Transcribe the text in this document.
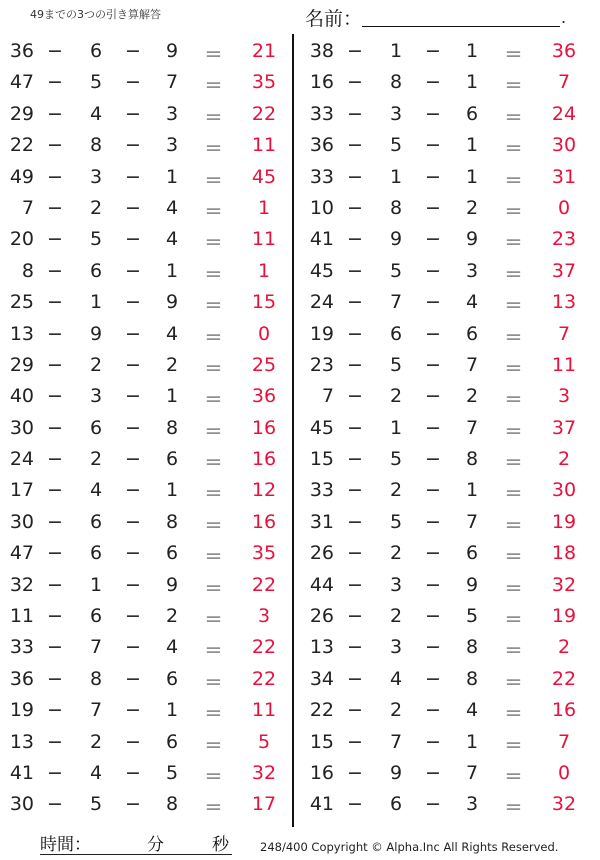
49までの3つの引き算解答	名前：	.
36 − 6 − 9 ＝	21
47 − 5 − 7 ＝	35
29 − 4 − 3 ＝	22
22 − 8 − 3 ＝	11
49 − 3 − 1 ＝	45
7 − 2 − 4 ＝	1
20 − 5 − 4 ＝	11
8 − 6 − 1 ＝	1
25 − 1 − 9 ＝	15
13 − 9 − 4 ＝	0
29 − 2 − 2 ＝	25
40 − 3 − 1 ＝	36
30 − 6 − 8 ＝	16
24 − 2 − 6 ＝	16
17 − 4 − 1 ＝	12
30 − 6 − 8 ＝	16
47 − 6 − 6 ＝	35
32 − 1 − 9 ＝	22
11 − 6 − 2 ＝	3
33 − 7 − 4 ＝	22
36 − 8 − 6 ＝	22
19 − 7 − 1 ＝	11
13 − 2 − 6 ＝	5
41 − 4 − 5 ＝	32
30 − 5 − 8 ＝	17
38 − 1 − 1 ＝	36
16 − 8 − 1 ＝	7
33 − 3 − 6 ＝	24
36 − 5 − 1 ＝	30
33 − 1 − 1 ＝	31
10 − 8 − 2 ＝	0
41 − 9 − 9 ＝	23
45 − 5 − 3 ＝	37
24 − 7 − 4 ＝	13
19 − 6 − 6 ＝	7
23 − 5 − 7 ＝	11
7 − 2 − 2 ＝	3
45 − 1 − 7 ＝	37
15 − 5 − 8 ＝	2
33 − 2 − 1 ＝	30
31 − 5 − 7 ＝	19
26 − 2 − 6 ＝	18
44 − 3 − 9 ＝	32
26 − 2 − 5 ＝	19
13 − 3 − 8 ＝	2
34 − 4 − 8 ＝	22
22 − 2 − 4 ＝	16
15 − 7 − 1 ＝	7
16 − 9 − 7 ＝	0
41 − 6 − 3 ＝	32
時間：	分	秒	248/400 Copyright © Alpha.Inc All Rights Reserved.
